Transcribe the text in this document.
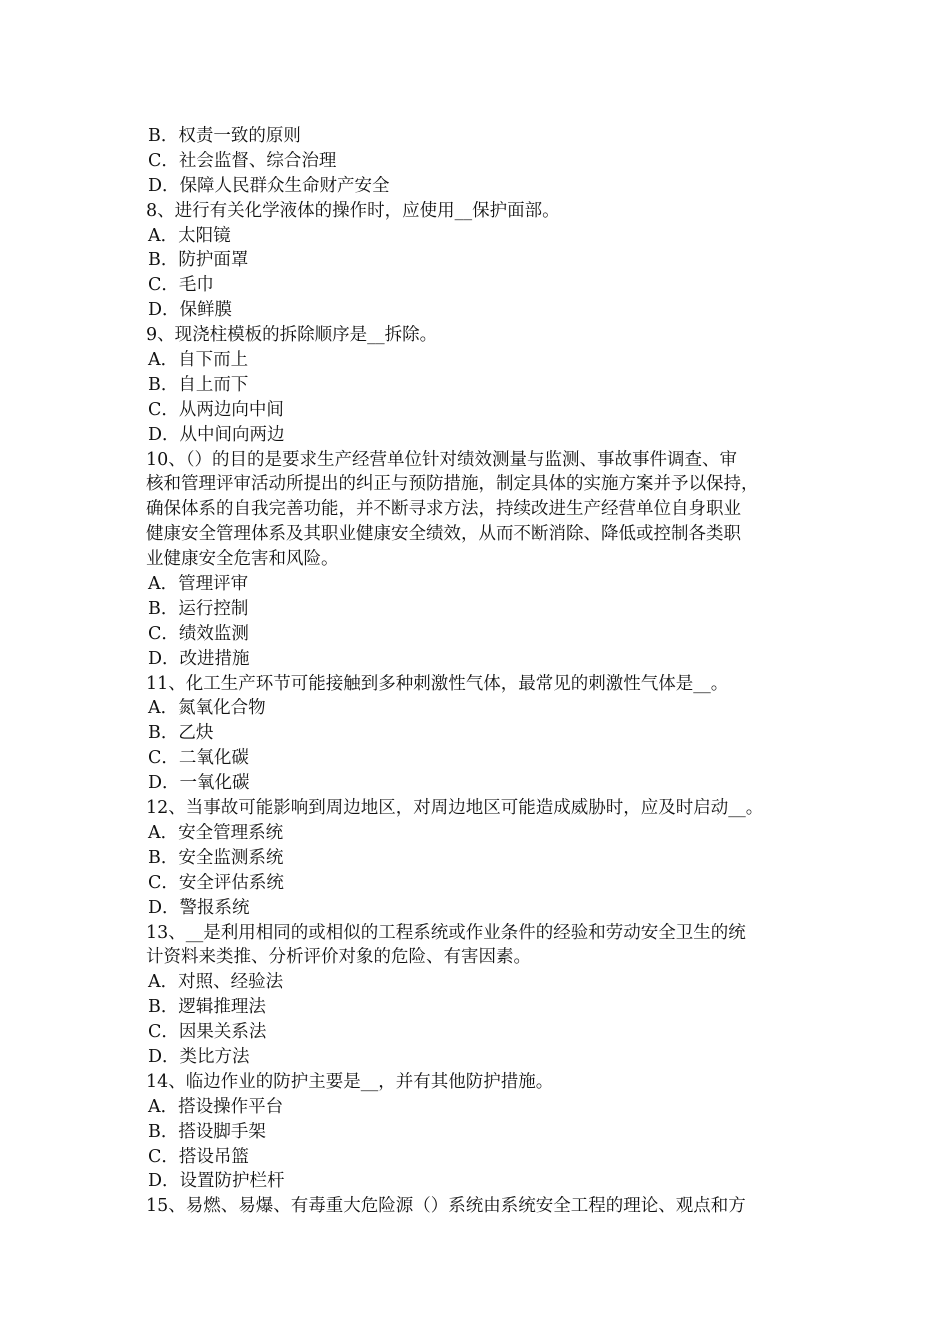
B．权责一致的原则
C．社会监督、综合治理
D．保障人民群众生命财产安全
8、进行有关化学液体的操作时，应使用__保护面部。
A．太阳镜
B．防护面罩
C．毛巾
D．保鲜膜
9、现浇柱模板的拆除顺序是__拆除。
A．自下而上
B．自上而下
C．从两边向中间
D．从中间向两边
10、（）的目的是要求生产经营单位针对绩效测量与监测、事故事件调查、审
核和管理评审活动所提出的纠正与预防措施，制定具体的实施方案并予以保持，
确保体系的自我完善功能，并不断寻求方法，持续改进生产经营单位自身职业
健康安全管理体系及其职业健康安全绩效，从而不断消除、降低或控制各类职
业健康安全危害和风险。
A．管理评审
B．运行控制
C．绩效监测
D．改进措施
11、化工生产环节可能接触到多种刺激性气体，最常见的刺激性气体是__。
A．氮氧化合物
B．乙炔
C．二氧化碳
D．一氧化碳
12、当事故可能影响到周边地区，对周边地区可能造成威胁时，应及时启动__。
A．安全管理系统
B．安全监测系统
C．安全评估系统
D．警报系统
13、__是利用相同的或相似的工程系统或作业条件的经验和劳动安全卫生的统
计资料来类推、分析评价对象的危险、有害因素。
A．对照、经验法
B．逻辑推理法
C．因果关系法
D．类比方法
14、临边作业的防护主要是__，并有其他防护措施。
A．搭设操作平台
B．搭设脚手架
C．搭设吊篮
D．设置防护栏杆
15、易燃、易爆、有毒重大危险源（）系统由系统安全工程的理论、观点和方
